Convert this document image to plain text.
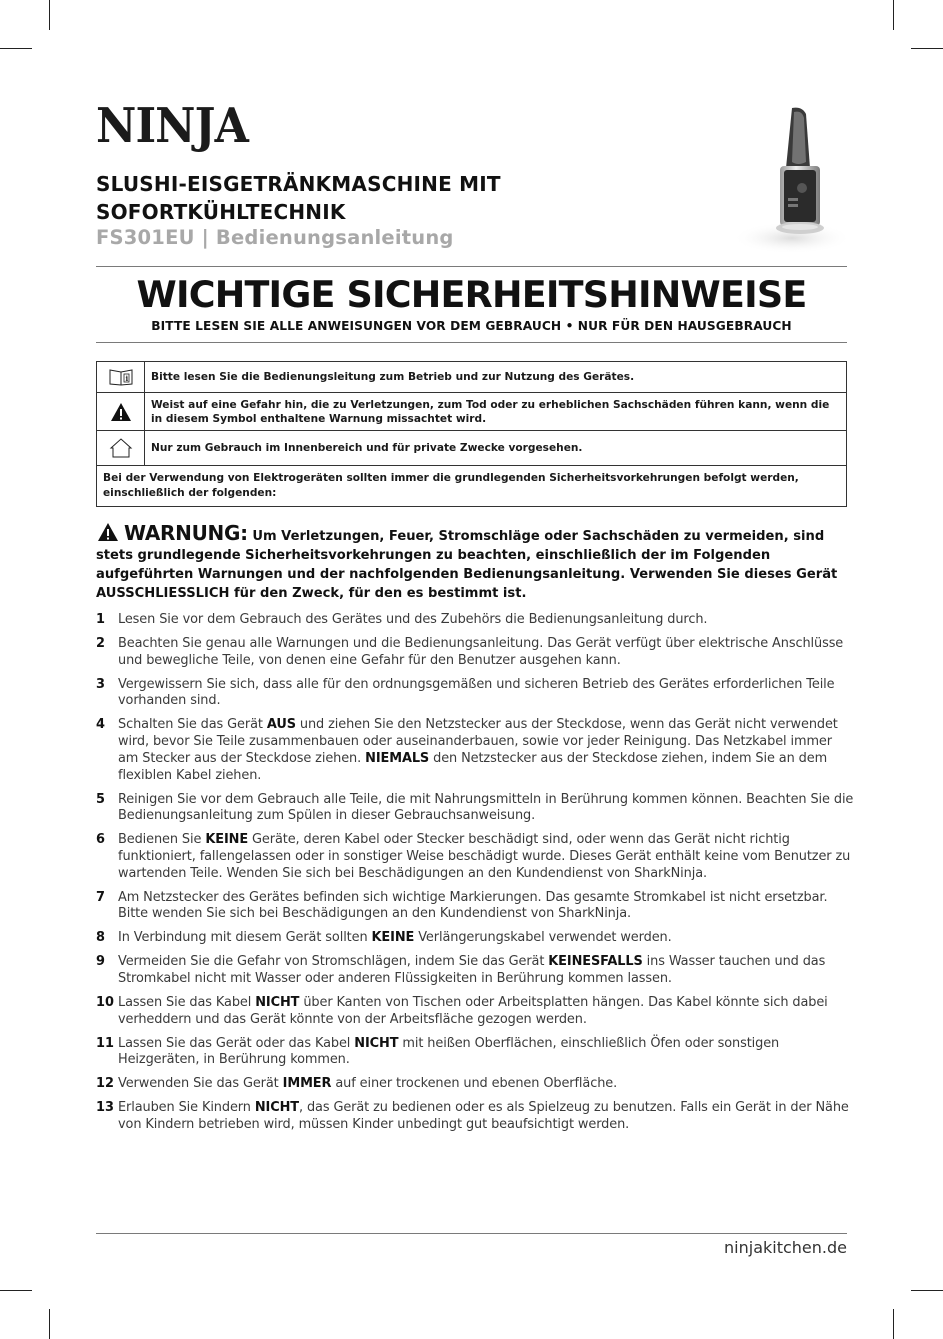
NINJA
SLUSHI-EISGETRÄNKMASCHINE MIT
SOFORTKÜHLTECHNIK
FS301EU | Bedienungsanleitung
WICHTIGE SICHERHEITSHINWEISE
BITTE LESEN SIE ALLE ANWEISUNGEN VOR DEM GEBRAUCH • NUR FÜR DEN HAUSGEBRAUCH
i	Bitte lesen Sie die Bedienungsleitung zum Betrieb und zur Nutzung des Gerätes.
Weist auf eine Gefahr hin, die zu Verletzungen, zum Tod oder zu erheblichen Sachschäden führen kann, wenn die in diesem Symbol enthaltene Warnung missachtet wird.
Nur zum Gebrauch im Innenbereich und für private Zwecke vorgesehen.
Bei der Verwendung von Elektrogeräten sollten immer die grundlegenden Sicherheitsvorkehrungen befolgt werden, einschließlich der folgenden:
WARNUNG: Um Verletzungen, Feuer, Stromschläge oder Sachschäden zu vermeiden, sind stets grundlegende Sicherheitsvorkehrungen zu beachten, einschließlich der im Folgenden aufgeführten Warnungen und der nachfolgenden Bedienungsanleitung. Verwenden Sie dieses Gerät AUSSCHLIESSLICH für den Zweck, für den es bestimmt ist.
1	Lesen Sie vor dem Gebrauch des Gerätes und des Zubehörs die Bedienungsanleitung durch.
2	Beachten Sie genau alle Warnungen und die Bedienungsanleitung. Das Gerät verfügt über elektrische Anschlüsse und bewegliche Teile, von denen eine Gefahr für den Benutzer ausgehen kann.
3	Vergewissern Sie sich, dass alle für den ordnungsgemäßen und sicheren Betrieb des Gerätes erforderlichen Teile vorhanden sind.
4	Schalten Sie das Gerät AUS und ziehen Sie den Netzstecker aus der Steckdose, wenn das Gerät nicht verwendet wird, bevor Sie Teile zusammenbauen oder auseinanderbauen, sowie vor jeder Reinigung. Das Netzkabel immer am Stecker aus der Steckdose ziehen. NIEMALS den Netzstecker aus der Steckdose ziehen, indem Sie an dem flexiblen Kabel ziehen.
5	Reinigen Sie vor dem Gebrauch alle Teile, die mit Nahrungsmitteln in Berührung kommen können. Beachten Sie die Bedienungsanleitung zum Spülen in dieser Gebrauchsanweisung.
6	Bedienen Sie KEINE Geräte, deren Kabel oder Stecker beschädigt sind, oder wenn das Gerät nicht richtig funktioniert, fallengelassen oder in sonstiger Weise beschädigt wurde. Dieses Gerät enthält keine vom Benutzer zu wartenden Teile. Wenden Sie sich bei Beschädigungen an den Kundendienst von SharkNinja.
7	Am Netzstecker des Gerätes befinden sich wichtige Markierungen. Das gesamte Stromkabel ist nicht ersetzbar. Bitte wenden Sie sich bei Beschädigungen an den Kundendienst von SharkNinja.
8	In Verbindung mit diesem Gerät sollten KEINE Verlängerungskabel verwendet werden.
9	Vermeiden Sie die Gefahr von Stromschlägen, indem Sie das Gerät KEINESFALLS ins Wasser tauchen und das Stromkabel nicht mit Wasser oder anderen Flüssigkeiten in Berührung kommen lassen.
10 Lassen Sie das Kabel NICHT über Kanten von Tischen oder Arbeitsplatten hängen. Das Kabel könnte sich dabei verheddern und das Gerät könnte von der Arbeitsfläche gezogen werden.
11 Lassen Sie das Gerät oder das Kabel NICHT mit heißen Oberflächen, einschließlich Öfen oder sonstigen Heizgeräten, in Berührung kommen.
12 Verwenden Sie das Gerät IMMER auf einer trockenen und ebenen Oberfläche.
13 Erlauben Sie Kindern NICHT, das Gerät zu bedienen oder es als Spielzeug zu benutzen. Falls ein Gerät in der Nähe von Kindern betrieben wird, müssen Kinder unbedingt gut beaufsichtigt werden.
ninjakitchen.de
